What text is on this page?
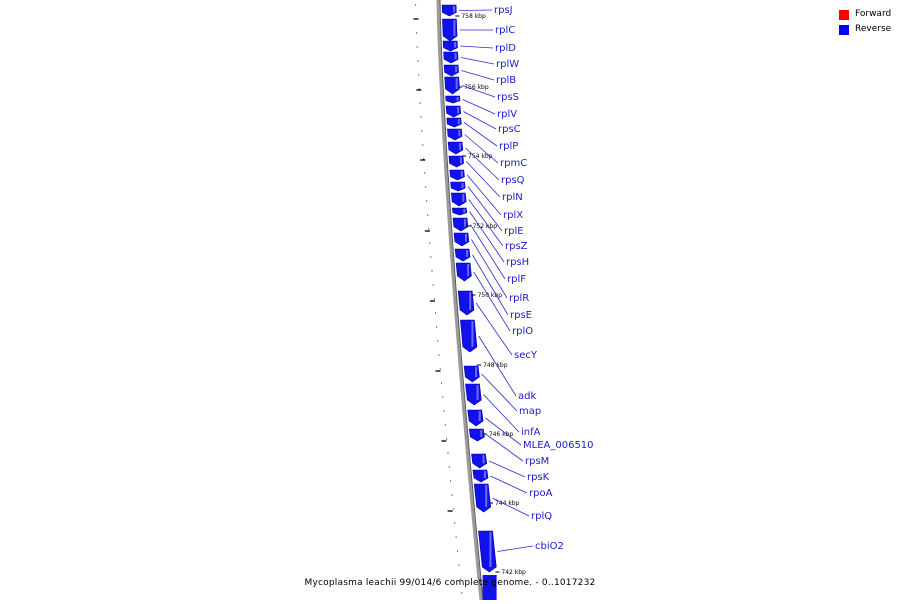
758 kbp
756 kbp
754 kbp
752 kbp
750 kbp
748 kbp
746 kbp
744 kbp
742 kbp
rpsJ
rplC
rplD
rplW
rplB
rpsS
rplV
rpsC
rplP
rpmC
rpsQ
rplN
rplX
rplE
rpsZ
rpsH
rplF
rplR
rpsE
rplO
secY
adk
map
infA
MLEA_006510
rpsM
rpsK
rpoA
rplQ
cbiO2
Forward
Reverse
Mycoplasma leachii 99/014/6 complete genome. - 0..1017232
